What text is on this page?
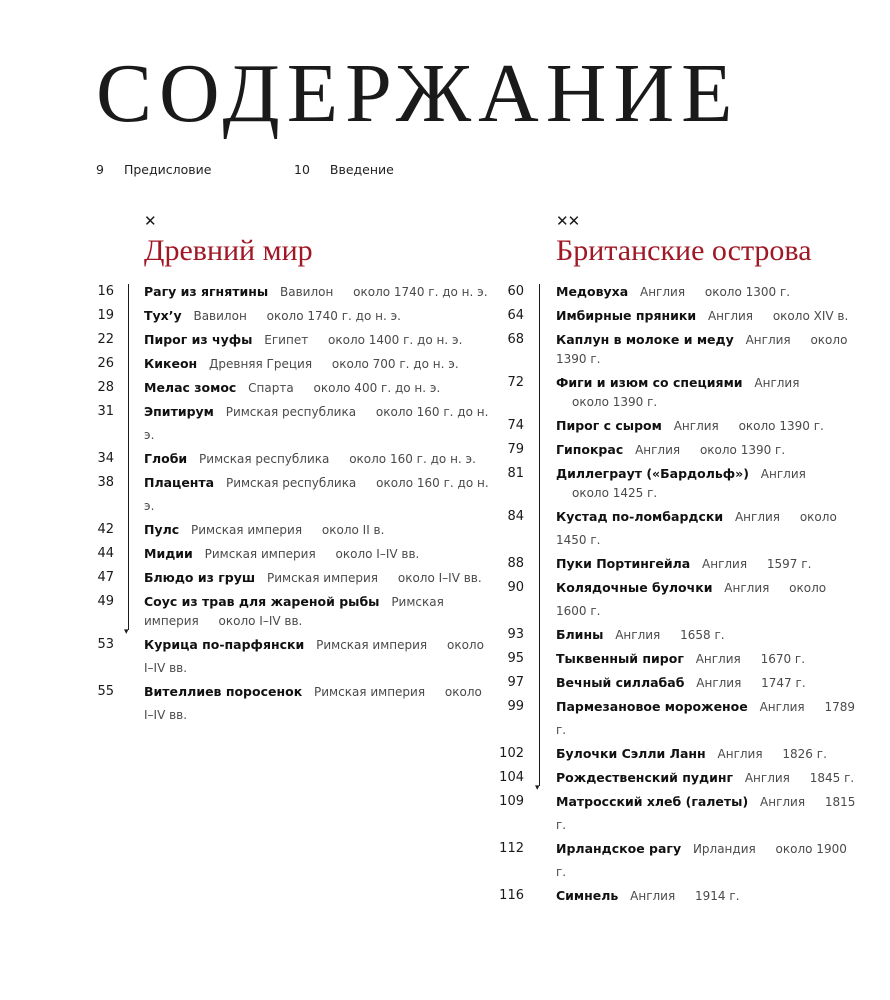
СОДЕРЖАНИЕ
9 Предисловие	10 Введение
✕
Древний мир
▾
16 Рагу из ягнятины Вавилон около 1740 г. до н. э.
19 Тух’у Вавилон около 1740 г. до н. э.
22 Пирог из чуфы Египет около 1400 г. до н. э.
26 Кикеон Древняя Греция около 700 г. до н. э.
28 Мелас зомос Спарта около 400 г. до н. э.
31 Эпитирум Римская республика около 160 г. до н. э.
34 Глоби Римская республика около 160 г. до н. э.
38 Плацента Римская республика около 160 г. до н. э.
42 Пулс Римская империя около II в.
44 Мидии Римская империя около I–IV вв.
47 Блюдо из груш Римская империя около I–IV вв.
49 Соус из трав для жареной рыбы Римская империя около I–IV вв.
53 Курица по-парфянски Римская империя около I–IV вв.
55 Вителлиев поросенок Римская империя около I–IV вв.
✕✕
Британские острова
▾
60	Медовуха Англия около 1300 г.
64	Имбирные пряники Англия около XIV в.
68	Каплун в молоке и меду Англия около 1390 г.
72	Фиги и изюм со специями Англия около 1390 г.
74	Пирог с сыром Англия около 1390 г.
79	Гипокрас Англия около 1390 г.
81	Диллеграут («Бардольф») Англия около 1425 г.
84	Кустад по-ломбардски Англия около 1450 г.
88	Пуки Портингейла Англия 1597 г.
90	Колядочные булочки Англия около 1600 г.
93	Блины Англия 1658 г.
95	Тыквенный пирог Англия 1670 г.
97	Вечный силлабаб Англия 1747 г.
99	Пармезановое мороженое Англия 1789 г.
102	Булочки Сэлли Ланн Англия 1826 г.
104	Рождественский пудинг Англия 1845 г.
109	Матросский хлеб (галеты) Англия 1815 г.
112	Ирландское рагу Ирландия около 1900 г.
116	Симнель Англия 1914 г.
